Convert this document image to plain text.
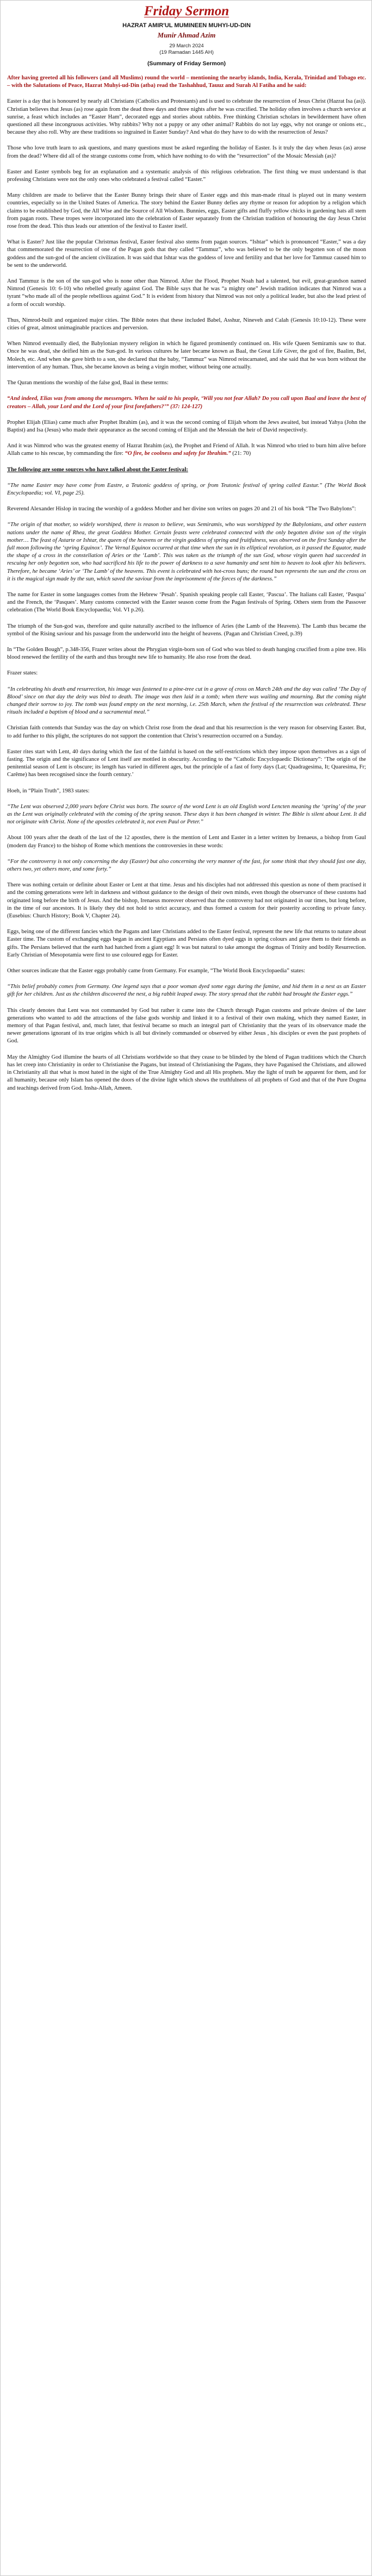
Friday Sermon
HAZRAT AMIR'UL MUMINEEN MUHYI-UD-DIN
Munir Ahmad Azim
29 March 2024
(19 Ramadan 1445 AH)
(Summary of Friday Sermon)

After having greeted all his followers (and all Muslims) round the world – mentioning the nearby islands, India, Kerala, Trinidad and Tobago etc. – with the Salutations of Peace, Hazrat Muhyi-ud-Din (atba) read the Tashahhud, Tauuz and Surah Al Fatiha and he said:

Easter is a day that is honoured by nearly all Christians (Catholics and Protestants) and is used to celebrate the resurrection of Jesus Christ (Hazrat Isa (as)). Christian believes that Jesus (as) rose again from the dead three days and three nights after he was crucified. The holiday often involves a church service at sunrise, a feast which includes an “Easter Ham”, decorated eggs and stories about rabbits. Free thinking Christian scholars in bewilderment have often questioned all these incongruous activities. Why rabbits? Why not a puppy or any other animal? Rabbits do not lay eggs, why not orange or onions etc., because they also roll. Why are these traditions so ingrained in Easter Sunday? And what do they have to do with the resurrection of Jesus?

Those who love truth learn to ask questions, and many questions must be asked regarding the holiday of Easter. Is it truly the day when Jesus (as) arose from the dead? Where did all of the strange customs come from, which have nothing to do with the “resurrection” of the Mosaic Messiah (as)?

Easter and Easter symbols beg for an explanation and a systematic analysis of this religious celebration. The first thing we must understand is that professing Christians were not the only ones who celebrated a festival called “Easter.”

Many children are made to believe that the Easter Bunny brings their share of Easter eggs and this man-made ritual is played out in many western countries, especially so in the United States of America. The story behind the Easter Bunny defies any rhyme or reason for adoption by a religion which claims to be established by God, the All Wise and the Source of All Wisdom. Bunnies, eggs, Easter gifts and fluffy yellow chicks in gardening hats all stem from pagan roots. These tropes were incorporated into the celebration of Easter separately from the Christian tradition of honouring the day Jesus Christ rose from the dead. This thus leads our attention of the festival to Easter itself.

What is Easter? Just like the popular Christmas festival, Easter festival also stems from pagan sources. “Ishtar” which is pronounced “Easter,” was a day that commemorated the resurrection of one of the Pagan gods that they called “Tammuz”, who was believed to be the only begotten son of the moon goddess and the sun-god of the ancient civilization. It was said that Ishtar was the goddess of love and fertility and that her love for Tammuz caused him to be sent to the underworld.

And Tammuz is the son of the sun-god who is none other than Nimrod. After the Flood, Prophet Noah had a talented, but evil, great-grandson named Nimrod (Genesis 10: 6-10) who rebelled greatly against God. The Bible says that he was “a mighty one” Jewish tradition indicates that Nimrod was a tyrant “who made all of the people rebellious against God.” It is evident from history that Nimrod was not only a political leader, but also the lead priest of a form of occult worship.

Thus, Nimrod-built and organized major cities. The Bible notes that these included Babel, Asshur, Nineveh and Calah (Genesis 10:10-12). These were cities of great, almost unimaginable practices and perversion.

When Nimrod eventually died, the Babylonian mystery religion in which he figured prominently continued on. His wife Queen Semiramis saw to that. Once he was dead, she deified him as the Sun-god. In various cultures he later became known as Baal, the Great Life Giver, the god of fire, Baalim, Bel, Molech, etc. And when she gave birth to a son, she declared that the baby, “Tammuz” was Nimrod reincarnated, and she said that he was born without the intervention of any human. Thus, she became known as being a virgin mother, without being one actually.

The Quran mentions the worship of the false god, Baal in these terms:

“And indeed, Elias was from among the messengers. When he said to his people, ‘Will you not fear Allah? Do you call upon Baal and leave the best of creators – Allah, your Lord and the Lord of your first forefathers?’” (37: 124-127)

Prophet Elijah (Elias) came much after Prophet Ibrahim (as), and it was the second coming of Elijah whom the Jews awaited, but instead Yahya (John the Baptist) and Isa (Jesus) who made their appearance as the second coming of Elijah and the Messiah the heir of David respectively.

And it was Nimrod who was the greatest enemy of Hazrat Ibrahim (as), the Prophet and Friend of Allah. It was Nimrod who tried to burn him alive before Allah came to his rescue, by commanding the fire: “O fire, be coolness and safety for Ibrahim.” (21: 70)

The following are some sources who have talked about the Easter festival:

“The name Easter may have come from Eastre, a Teutonic goddess of spring, or from Teutonic festival of spring called Eastur.” (The World Book Encyclopaedia; vol. VI, page 25).

Reverend Alexander Hislop in tracing the worship of a goddess Mother and her divine son writes on pages 20 and 21 of his book “The Two Babylons”:

“The origin of that mother, so widely worshiped, there is reason to believe, was Semiramis, who was worshipped by the Babylonians, and other eastern nations under the name of Rhea, the great Goddess Mother. Certain feasts were celebrated connected with the only begotten divine son of the virgin mother… The feast of Astarte or Ishtar, the queen of the heavens or the virgin goddess of spring and fruitfulness, was observed on the first Sunday after the full moon following the ‘spring Equinox’. The Vernal Equinox occurred at that time when the sun in its elliptical revolution, as it passed the Equator, made the shape of a cross in the constellation of Aries or the ‘Lamb’. This was taken as the triumph of the sun God, whose virgin queen had succeeded in rescuing her only begotten son, who had sacrificed his life to the power of darkness to a save humanity and sent him to heaven to look after his believers. Therefore, he became ‘Aries’ or ‘The Lamb’ of the heavens. This event is celebrated with hot-cross buns; the round bun represents the sun and the cross on it is the magical sign made by the sun, which saved the saviour from the imprisonment of the forces of the darkness.”

The name for Easter in some languages comes from the Hebrew ‘Pesah’. Spanish speaking people call Easter, ‘Pascua’. The Italians call Easter, ‘Pasqua’ and the French, the ‘Pasques’. Many customs connected with the Easter season come from the Pagan festivals of Spring. Others stem from the Passover celebration (The World Book Encyclopaedia; Vol. VI p.26).

The triumph of the Sun-god was, therefore and quite naturally ascribed to the influence of Aries (the Lamb of the Heavens). The Lamb thus became the symbol of the Rising saviour and his passage from the underworld into the height of heavens. (Pagan and Christian Creed, p.39)

In “The Golden Bough”, p.348-356, Frazer writes about the Phrygian virgin-born son of God who was bled to death hanging crucified from a pine tree. His blood renewed the fertility of the earth and thus brought new life to humanity. He also rose from the dead.

Frazer states:

“In celebrating his death and resurrection, his image was fastened to a pine-tree cut in a grove of cross on March 24th and the day was called ‘The Day of Blood’ since on that day the deity was bled to death. The image was then laid in a tomb; when there was wailing and mourning. But the coming night changed their sorrow to joy. The tomb was found empty on the next morning, i.e. 25th March, when the festival of the resurrection was celebrated. These rituals included a baptism of blood and a sacramental meal.”

Christian faith contends that Sunday was the day on which Christ rose from the dead and that his resurrection is the very reason for observing Easter. But, to add further to this plight, the scriptures do not support the contention that Christ’s resurrection occurred on a Sunday.

Easter rites start with Lent, 40 days during which the fast of the faithful is based on the self-restrictions which they impose upon themselves as a sign of fasting. The origin and the significance of Lent itself are mottled in obscurity. According to the “Catholic Encyclopaedic Dictionary”: ‘The origin of the penitential season of Lent is obscure; its length has varied in different ages, but the principle of a fast of forty days (Lat; Quadragesima, It; Quaresima, Fr; Carême) has been recognised since the fourth century.’

Hoeh, in “Plain Truth”, 1983 states:

“The Lent was observed 2,000 years before Christ was born. The source of the word Lent is an old English word Lencten meaning the ‘spring’ of the year as the Lent was originally celebrated with the coming of the spring season. These days it has been changed in winter. The Bible is silent about Lent. It did not originate with Christ. None of the apostles celebrated it, not even Paul or Peter.”

About 100 years after the death of the last of the 12 apostles, there is the mention of Lent and Easter in a letter written by Irenaeus, a bishop from Gaul (modern day France) to the bishop of Rome which mentions the controversies in these words:

“For the controversy is not only concerning the day (Easter) but also concerning the very manner of the fast, for some think that they should fast one day, others two, yet others more, and some forty.”

There was nothing certain or definite about Easter or Lent at that time. Jesus and his disciples had not addressed this question as none of them practised it and the coming generations were left in darkness and without guidance to the design of their own minds, even though the observance of these customs had originated long before the birth of Jesus. And the bishop, Irenaeus moreover observed that the controversy had not originated in our times, but long before, in the time of our ancestors. It is likely they did not hold to strict accuracy, and thus formed a custom for their posterity according to private fancy. (Eusebius: Church History; Book V, Chapter 24).

Eggs, being one of the different fancies which the Pagans and later Christians added to the Easter festival, represent the new life that returns to nature about Easter time. The custom of exchanging eggs began in ancient Egyptians and Persians often dyed eggs in spring colours and gave them to their friends as gifts. The Persians believed that the earth had hatched from a giant egg! It was but natural to take amongst the dogmas of Trinity and bodily Resurrection. Early Christian of Mesopotamia were first to use coloured eggs for Easter.

Other sources indicate that the Easter eggs probably came from Germany. For example, “The World Book Encyclopaedia” states:

“This belief probably comes from Germany. One legend says that a poor woman dyed some eggs during the famine, and hid them in a nest as an Easter gift for her children. Just as the children discovered the nest, a big rabbit leaped away. The story spread that the rabbit had brought the Easter eggs.”

This clearly denotes that Lent was not commanded by God but rather it came into the Church through Pagan customs and private desires of the later generations who wanted to add the attractions of the false gods worship and linked it to a festival of their own making, which they named Easter, in memory of that Pagan festival, and, much later, that festival became so much an integral part of Christianity that the years of its observance made the newer generations ignorant of its true origins which is all but divinely commanded or observed by either Jesus , his disciples or even the past prophets of God.

May the Almighty God illumine the hearts of all Christians worldwide so that they cease to be blinded by the blend of Pagan traditions which the Church has let creep into Christianity in order to Christianise the Pagans, but instead of Christianising the Pagans, they have Paganised the Christians, and allowed in Christianity all that what is most hated in the sight of the True Almighty God and all His prophets. May the light of truth be apparent for them, and for all humanity, because only Islam has opened the doors of the divine light which shows the truthfulness of all prophets of God and that of the Pure Dogma and teachings derived from God. Insha-Allah, Ameen.
